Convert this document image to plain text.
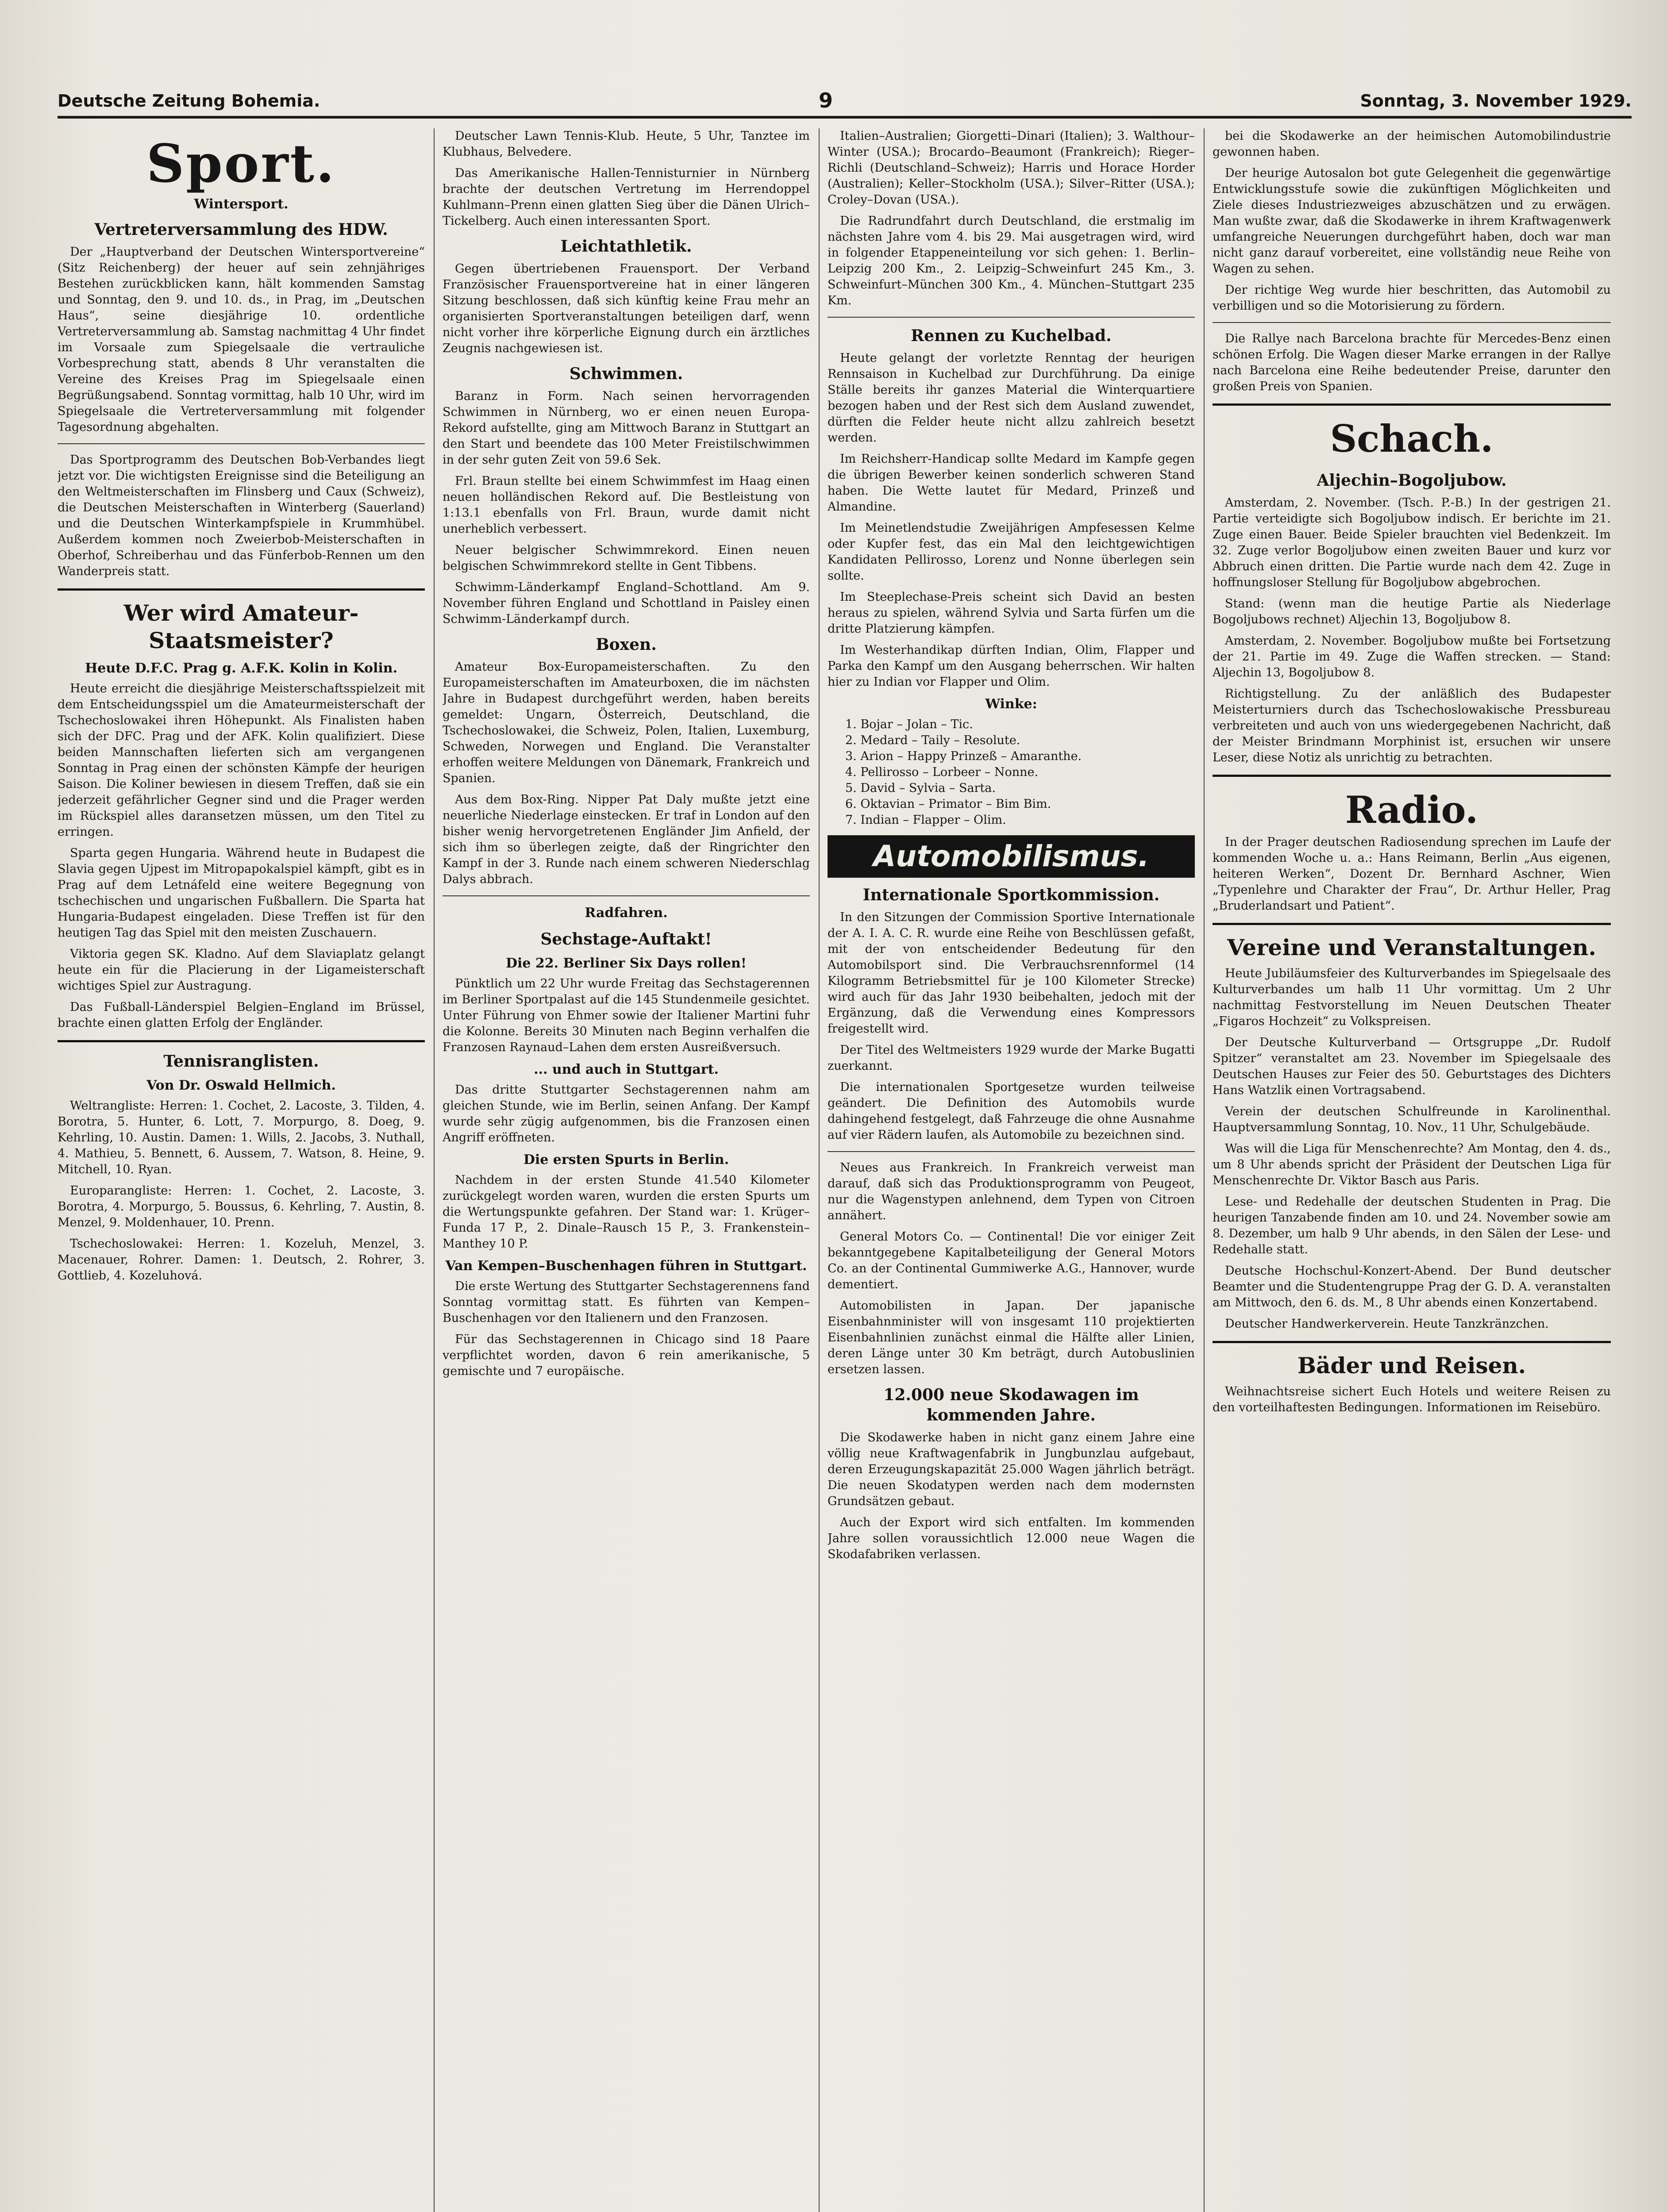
Deutsche Zeitung Bohemia.	9	Sonntag, 3. November 1929.
Sport.
Wintersport.
Vertreterversammlung des HDW.

Der „Hauptverband der Deutschen Wintersportvereine“ (Sitz Reichenberg) der heuer auf sein zehnjähriges Bestehen zurückblicken kann, hält kommenden Samstag und Sonntag, den 9. und 10. ds., in Prag, im „Deutschen Haus“, seine diesjährige 10. ordentliche Vertreterversammlung ab. Samstag nachmittag 4 Uhr findet im Vorsaale zum Spiegelsaale die vertrauliche Vorbesprechung statt, abends 8 Uhr veranstalten die Vereine des Kreises Prag im Spiegelsaale einen Begrüßungsabend. Sonntag vormittag, halb 10 Uhr, wird im Spiegelsaale die Vertreterversammlung mit folgender Tagesordnung abgehalten.

Das Sportprogramm des Deutschen Bob-Verbandes liegt jetzt vor. Die wichtigsten Ereignisse sind die Beteiligung an den Weltmeisterschaften im Flinsberg und Caux (Schweiz), die Deutschen Meisterschaften in Winterberg (Sauerland) und die Deutschen Winterkampfspiele in Krummhübel. Außerdem kommen noch Zweierbob-Meisterschaften in Oberhof, Schreiberhau und das Fünferbob-Rennen um den Wanderpreis statt.

Wer wird Amateur-Staatsmeister?
Heute D.F.C. Prag g. A.F.K. Kolin in Kolin.

Heute erreicht die diesjährige Meisterschaftsspielzeit mit dem Entscheidungsspiel um die Amateurmeisterschaft der Tschechoslowakei ihren Höhepunkt. Als Finalisten haben sich der DFC. Prag und der AFK. Kolin qualifiziert. Diese beiden Mannschaften lieferten sich am vergangenen Sonntag in Prag einen der schönsten Kämpfe der heurigen Saison. Die Koliner bewiesen in diesem Treffen, daß sie ein jederzeit gefährlicher Gegner sind und die Prager werden im Rückspiel alles daransetzen müssen, um den Titel zu erringen.

Sparta gegen Hungaria. Während heute in Budapest die Slavia gegen Ujpest im Mitropapokalspiel kämpft, gibt es in Prag auf dem Letnáfeld eine weitere Begegnung von tschechischen und ungarischen Fußballern. Die Sparta hat Hungaria-Budapest eingeladen. Diese Treffen ist für den heutigen Tag das Spiel mit den meisten Zuschauern.

Viktoria gegen SK. Kladno. Auf dem Slaviaplatz gelangt heute ein für die Placierung in der Ligameisterschaft wichtiges Spiel zur Austragung.

Das Fußball-Länderspiel Belgien–England im Brüssel, brachte einen glatten Erfolg der Engländer.

Tennisranglisten.
Von Dr. Oswald Hellmich.

Weltrangliste: Herren: 1. Cochet, 2. Lacoste, 3. Tilden, 4. Borotra, 5. Hunter, 6. Lott, 7. Morpurgo, 8. Doeg, 9. Kehrling, 10. Austin. Damen: 1. Wills, 2. Jacobs, 3. Nuthall, 4. Mathieu, 5. Bennett, 6. Aussem, 7. Watson, 8. Heine, 9. Mitchell, 10. Ryan.

Europarangliste: Herren: 1. Cochet, 2. Lacoste, 3. Borotra, 4. Morpurgo, 5. Boussus, 6. Kehrling, 7. Austin, 8. Menzel, 9. Moldenhauer, 10. Prenn.

Tschechoslowakei: Herren: 1. Kozeluh, Menzel, 3. Macenauer, Rohrer. Damen: 1. Deutsch, 2. Rohrer, 3. Gottlieb, 4. Kozeluhová.

Deutscher Lawn Tennis-Klub. Heute, 5 Uhr, Tanztee im Klubhaus, Belvedere.

Das Amerikanische Hallen-Tennisturnier in Nürnberg brachte der deutschen Vertretung im Herrendoppel Kuhlmann–Prenn einen glatten Sieg über die Dänen Ulrich–Tickelberg. Auch einen interessanten Sport.

Leichtathletik.

Gegen übertriebenen Frauensport. Der Verband Französischer Frauensportvereine hat in einer längeren Sitzung beschlossen, daß sich künftig keine Frau mehr an organisierten Sportveranstaltungen beteiligen darf, wenn nicht vorher ihre körperliche Eignung durch ein ärztliches Zeugnis nachgewiesen ist.

Schwimmen.

Baranz in Form. Nach seinen hervorragenden Schwimmen in Nürnberg, wo er einen neuen Europa-Rekord aufstellte, ging am Mittwoch Baranz in Stuttgart an den Start und beendete das 100 Meter Freistilschwimmen in der sehr guten Zeit von 59.6 Sek.

Frl. Braun stellte bei einem Schwimmfest im Haag einen neuen holländischen Rekord auf. Die Bestleistung von 1:13.1 ebenfalls von Frl. Braun, wurde damit nicht unerheblich verbessert.

Neuer belgischer Schwimmrekord. Einen neuen belgischen Schwimmrekord stellte in Gent Tibbens.

Schwimm-Länderkampf England–Schottland. Am 9. November führen England und Schottland in Paisley einen Schwimm-Länderkampf durch.

Boxen.

Amateur Box-Europameisterschaften. Zu den Europameisterschaften im Amateurboxen, die im nächsten Jahre in Budapest durchgeführt werden, haben bereits gemeldet: Ungarn, Österreich, Deutschland, die Tschechoslowakei, die Schweiz, Polen, Italien, Luxemburg, Schweden, Norwegen und England. Die Veranstalter erhoffen weitere Meldungen von Dänemark, Frankreich und Spanien.

Aus dem Box-Ring. Nipper Pat Daly mußte jetzt eine neuerliche Niederlage einstecken. Er traf in London auf den bisher wenig hervorgetretenen Engländer Jim Anfield, der sich ihm so überlegen zeigte, daß der Ringrichter den Kampf in der 3. Runde nach einem schweren Niederschlag Dalys abbrach.

Radfahren.
Sechstage-Auftakt!
Die 22. Berliner Six Days rollen!

Pünktlich um 22 Uhr wurde Freitag das Sechstagerennen im Berliner Sportpalast auf die 145 Stundenmeile gesichtet. Unter Führung von Ehmer sowie der Italiener Martini fuhr die Kolonne. Bereits 30 Minuten nach Beginn verhalfen die Franzosen Raynaud–Lahen dem ersten Ausreißversuch.

... und auch in Stuttgart.

Das dritte Stuttgarter Sechstagerennen nahm am gleichen Stunde, wie im Berlin, seinen Anfang. Der Kampf wurde sehr zügig aufgenommen, bis die Franzosen einen Angriff eröffneten.

Die ersten Spurts in Berlin.

Nachdem in der ersten Stunde 41.540 Kilometer zurückgelegt worden waren, wurden die ersten Spurts um die Wertungspunkte gefahren. Der Stand war: 1. Krüger–Funda 17 P., 2. Dinale–Rausch 15 P., 3. Frankenstein–Manthey 10 P.

Van Kempen–Buschenhagen führen in Stuttgart.

Die erste Wertung des Stuttgarter Sechstagerennens fand Sonntag vormittag statt. Es führten van Kempen–Buschenhagen vor den Italienern und den Franzosen.

Für das Sechstagerennen in Chicago sind 18 Paare verpflichtet worden, davon 6 rein amerikanische, 5 gemischte und 7 europäische.

Italien–Australien; Giorgetti–Dinari (Italien); 3. Walthour–Winter (USA.); Brocardo–Beaumont (Frankreich); Rieger–Richli (Deutschland–Schweiz); Harris und Horace Horder (Australien); Keller–Stockholm (USA.); Silver–Ritter (USA.); Croley–Dovan (USA.).

Die Radrundfahrt durch Deutschland, die erstmalig im nächsten Jahre vom 4. bis 29. Mai ausgetragen wird, wird in folgender Etappeneinteilung vor sich gehen: 1. Berlin–Leipzig 200 Km., 2. Leipzig–Schweinfurt 245 Km., 3. Schweinfurt–München 300 Km., 4. München–Stuttgart 235 Km.

Rennen zu Kuchelbad.

Heute gelangt der vorletzte Renntag der heurigen Rennsaison in Kuchelbad zur Durchführung. Da einige Ställe bereits ihr ganzes Material die Winterquartiere bezogen haben und der Rest sich dem Ausland zuwendet, dürften die Felder heute nicht allzu zahlreich besetzt werden.

Im Reichsherr-Handicap sollte Medard im Kampfe gegen die übrigen Bewerber keinen sonderlich schweren Stand haben. Die Wette lautet für Medard, Prinzeß und Almandine.

Im Meinetlendstudie Zweijährigen Ampfesessen Kelme oder Kupfer fest, das ein Mal den leichtgewichtigen Kandidaten Pellirosso, Lorenz und Nonne überlegen sein sollte.

Im Steeplechase-Preis scheint sich David an besten heraus zu spielen, während Sylvia und Sarta fürfen um die dritte Platzierung kämpfen.

Im Westerhandikap dürften Indian, Olim, Flapper und Parka den Kampf um den Ausgang beherrschen. Wir halten hier zu Indian vor Flapper und Olim.

Winke:
1. Bojar – Jolan – Tic.
2. Medard – Taily – Resolute.
3. Arion – Happy Prinzeß – Amaranthe.
4. Pellirosso – Lorbeer – Nonne.
5. David – Sylvia – Sarta.
6. Oktavian – Primator – Bim Bim.
7. Indian – Flapper – Olim.
Automobilismus.
Internationale Sportkommission.

In den Sitzungen der Commission Sportive Internationale der A. I. A. C. R. wurde eine Reihe von Beschlüssen gefaßt, mit der von entscheidender Bedeutung für den Automobilsport sind. Die Verbrauchsrennformel (14 Kilogramm Betriebsmittel für je 100 Kilometer Strecke) wird auch für das Jahr 1930 beibehalten, jedoch mit der Ergänzung, daß die Verwendung eines Kompressors freigestellt wird.

Der Titel des Weltmeisters 1929 wurde der Marke Bugatti zuerkannt.

Die internationalen Sportgesetze wurden teilweise geändert. Die Definition des Automobils wurde dahingehend festgelegt, daß Fahrzeuge die ohne Ausnahme auf vier Rädern laufen, als Automobile zu bezeichnen sind.

Neues aus Frankreich. In Frankreich verweist man darauf, daß sich das Produktionsprogramm von Peugeot, nur die Wagenstypen anlehnend, dem Typen von Citroen annähert.

General Motors Co. — Continental! Die vor einiger Zeit bekanntgegebene Kapitalbeteiligung der General Motors Co. an der Continental Gummiwerke A.G., Hannover, wurde dementiert.

Automobilisten in Japan. Der japanische Eisenbahnminister will von insgesamt 110 projektierten Eisenbahnlinien zunächst einmal die Hälfte aller Linien, deren Länge unter 30 Km beträgt, durch Autobuslinien ersetzen lassen.

12.000 neue Skodawagen im kommenden Jahre.

Die Skodawerke haben in nicht ganz einem Jahre eine völlig neue Kraftwagenfabrik in Jungbunzlau aufgebaut, deren Erzeugungskapazität 25.000 Wagen jährlich beträgt. Die neuen Skodatypen werden nach dem modernsten Grundsätzen gebaut.

Auch der Export wird sich entfalten. Im kommenden Jahre sollen voraussichtlich 12.000 neue Wagen die Skodafabriken verlassen.

bei die Skodawerke an der heimischen Automobilindustrie gewonnen haben.

Der heurige Autosalon bot gute Gelegenheit die gegenwärtige Entwicklungsstufe sowie die zukünftigen Möglichkeiten und Ziele dieses Industriezweiges abzuschätzen und zu erwägen. Man wußte zwar, daß die Skodawerke in ihrem Kraftwagenwerk umfangreiche Neuerungen durchgeführt haben, doch war man nicht ganz darauf vorbereitet, eine vollständig neue Reihe von Wagen zu sehen.

Der richtige Weg wurde hier beschritten, das Automobil zu verbilligen und so die Motorisierung zu fördern.

Die Rallye nach Barcelona brachte für Mercedes-Benz einen schönen Erfolg. Die Wagen dieser Marke errangen in der Rallye nach Barcelona eine Reihe bedeutender Preise, darunter den großen Preis von Spanien.

Schach.
Aljechin–Bogoljubow.

Amsterdam, 2. November. (Tsch. P.-B.) In der gestrigen 21. Partie verteidigte sich Bogoljubow indisch. Er berichte im 21. Zuge einen Bauer. Beide Spieler brauchten viel Bedenkzeit. Im 32. Zuge verlor Bogoljubow einen zweiten Bauer und kurz vor Abbruch einen dritten. Die Partie wurde nach dem 42. Zuge in hoffnungsloser Stellung für Bogoljubow abgebrochen.

Stand: (wenn man die heutige Partie als Niederlage Bogoljubows rechnet) Aljechin 13, Bogoljubow 8.

Amsterdam, 2. November. Bogoljubow mußte bei Fortsetzung der 21. Partie im 49. Zuge die Waffen strecken. — Stand: Aljechin 13, Bogoljubow 8.

Richtigstellung. Zu der anläßlich des Budapester Meisterturniers durch das Tschechoslowakische Pressbureau verbreiteten und auch von uns wiedergegebenen Nachricht, daß der Meister Brindmann Morphinist ist, ersuchen wir unsere Leser, diese Notiz als unrichtig zu betrachten.

Radio.

In der Prager deutschen Radiosendung sprechen im Laufe der kommenden Woche u. a.: Hans Reimann, Berlin „Aus eigenen, heiteren Werken“, Dozent Dr. Bernhard Aschner, Wien „Typenlehre und Charakter der Frau“, Dr. Arthur Heller, Prag „Bruderlandsart und Patient“.

Vereine und Veranstaltungen.

Heute Jubiläumsfeier des Kulturverbandes im Spiegelsaale des Kulturverbandes um halb 11 Uhr vormittag. Um 2 Uhr nachmittag Festvorstellung im Neuen Deutschen Theater „Figaros Hochzeit“ zu Volkspreisen.

Der Deutsche Kulturverband — Ortsgruppe „Dr. Rudolf Spitzer“ veranstaltet am 23. November im Spiegelsaale des Deutschen Hauses zur Feier des 50. Geburtstages des Dichters Hans Watzlik einen Vortragsabend.

Verein der deutschen Schulfreunde in Karolinenthal. Hauptversammlung Sonntag, 10. Nov., 11 Uhr, Schulgebäude.

Was will die Liga für Menschenrechte? Am Montag, den 4. ds., um 8 Uhr abends spricht der Präsident der Deutschen Liga für Menschenrechte Dr. Viktor Basch aus Paris.

Lese- und Redehalle der deutschen Studenten in Prag. Die heurigen Tanzabende finden am 10. und 24. November sowie am 8. Dezember, um halb 9 Uhr abends, in den Sälen der Lese- und Redehalle statt.

Deutsche Hochschul-Konzert-Abend. Der Bund deutscher Beamter und die Studentengruppe Prag der G. D. A. veranstalten am Mittwoch, den 6. ds. M., 8 Uhr abends einen Konzertabend.

Deutscher Handwerkerverein. Heute Tanzkränzchen.

Bäder und Reisen.

Weihnachtsreise sichert Euch Hotels und weitere Reisen zu den vorteilhaftesten Bedingungen. Informationen im Reisebüro.
